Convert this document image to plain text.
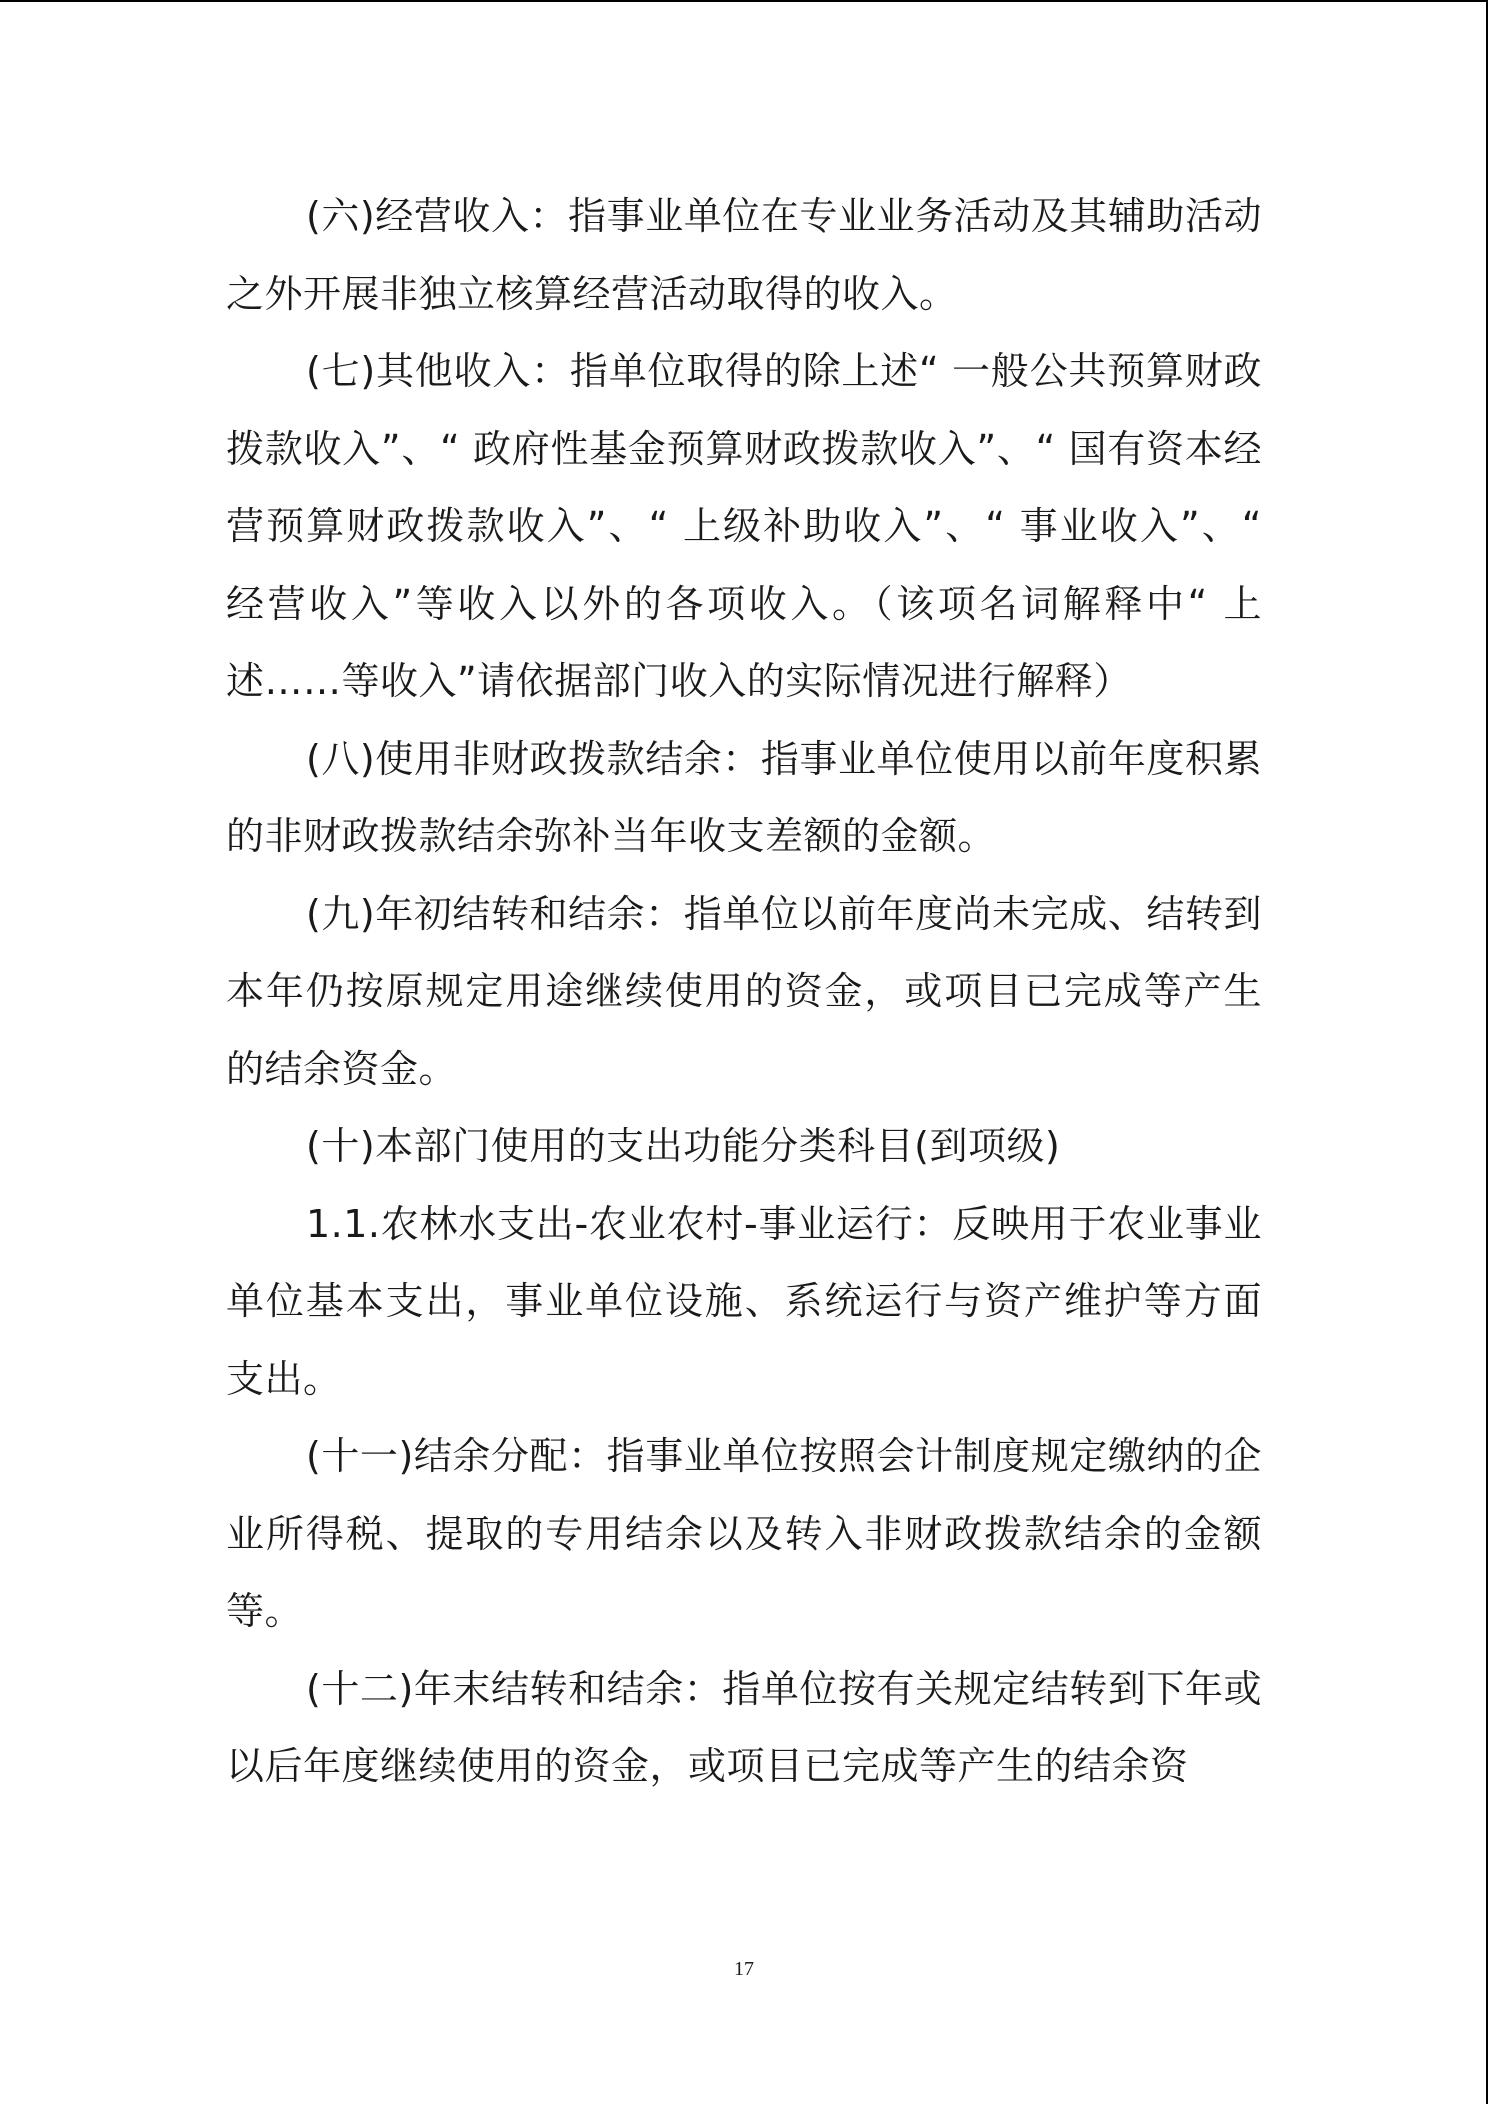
(六)经营收入：指事业单位在专业业务活动及其辅助活动之外开展非独立核算经营活动取得的收入。

(七)其他收入：指单位取得的除上述“ 一般公共预算财政拨款收入”、“ 政府性基金预算财政拨款收入”、“ 国有资本经营预算财政拨款收入”、“ 上级补助收入”、“ 事业收入”、“ 经营收入”等收入以外的各项收入。（该项名词解释中“ 上述……等收入”请依据部门收入的实际情况进行解释）

(八)使用非财政拨款结余：指事业单位使用以前年度积累的非财政拨款结余弥补当年收支差额的金额。

(九)年初结转和结余：指单位以前年度尚未完成、结转到本年仍按原规定用途继续使用的资金，或项目已完成等产生的结余资金。

(十)本部门使用的支出功能分类科目(到项级)

1.1.农林水支出-农业农村-事业运行：反映用于农业事业单位基本支出，事业单位设施、系统运行与资产维护等方面支出。

(十一)结余分配：指事业单位按照会计制度规定缴纳的企业所得税、提取的专用结余以及转入非财政拨款结余的金额等。

(十二)年末结转和结余：指单位按有关规定结转到下年或以后年度继续使用的资金，或项目已完成等产生的结余资

17
